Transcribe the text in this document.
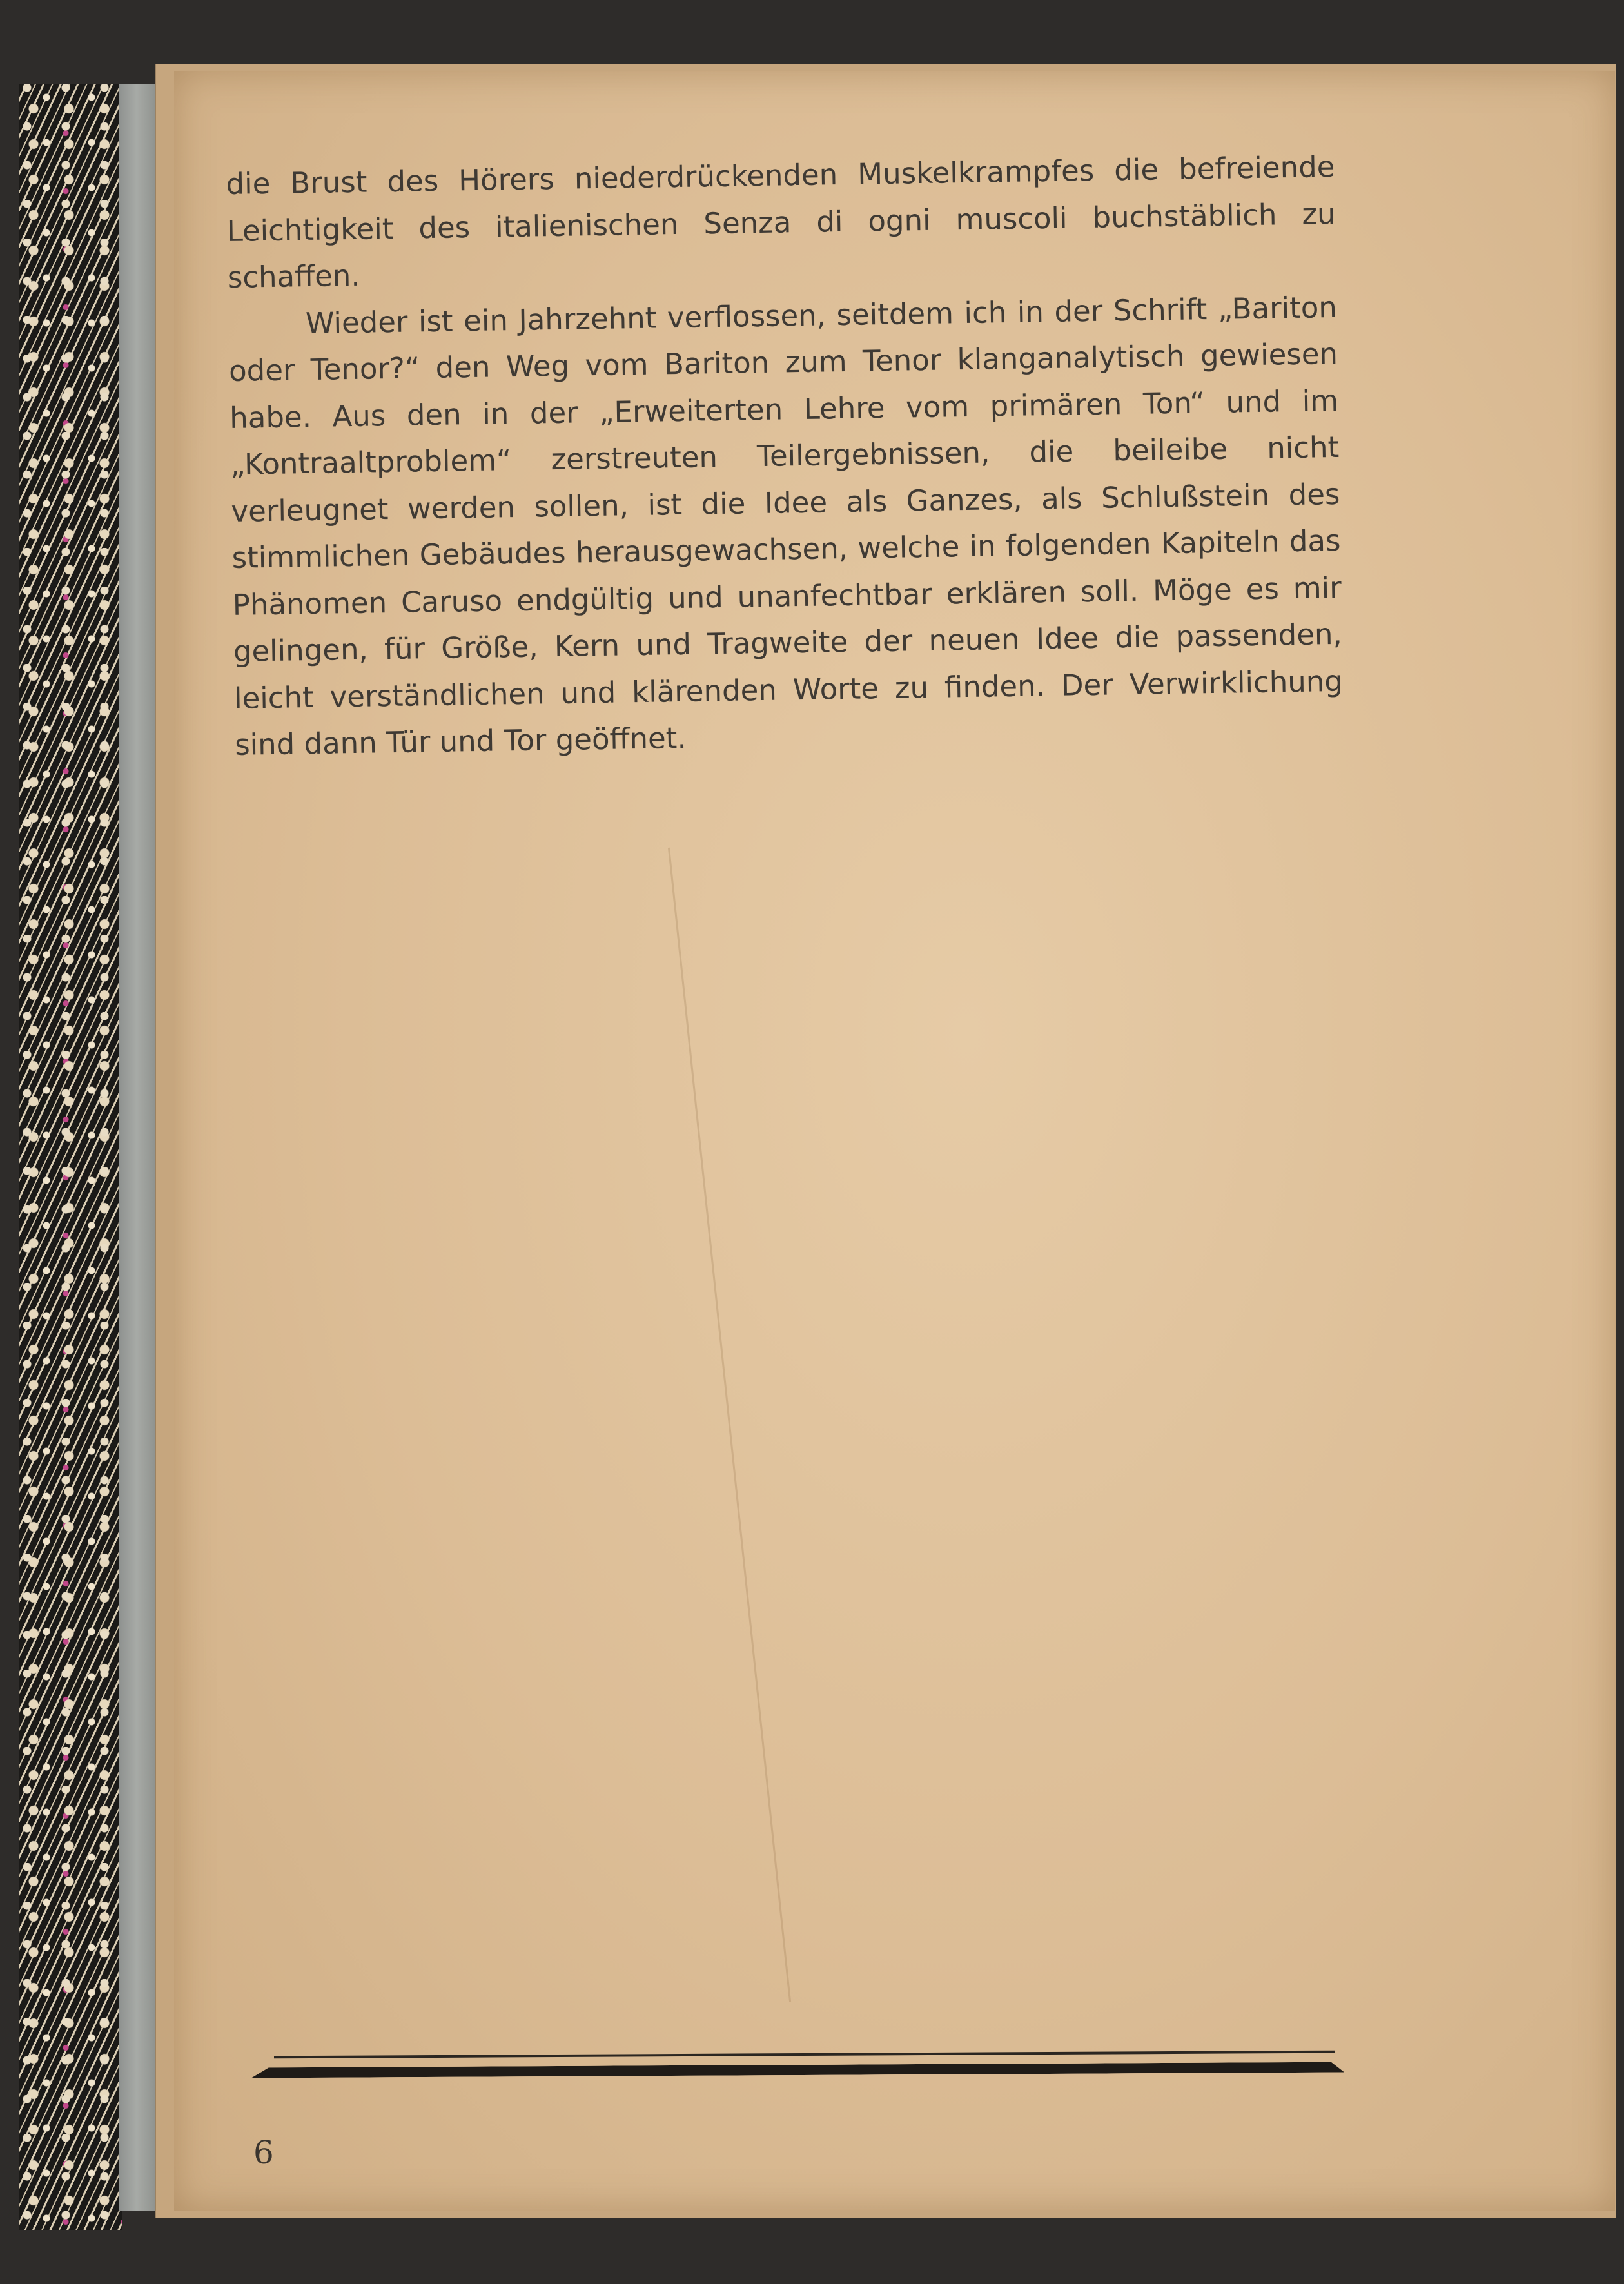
die Brust des Hörers niederdrückenden Muskelkrampfes die befreiende Leichtigkeit des italienischen Senza di ogni muscoli buchstäblich zu schaffen.

Wieder ist ein Jahrzehnt verflossen, seitdem ich in der Schrift „Bariton oder Tenor?“ den Weg vom Bariton zum Tenor klanganalytisch gewiesen habe. Aus den in der „Erweiterten Lehre vom primären Ton“ und im „Kontraaltproblem“ zerstreuten Teilergebnissen, die beileibe nicht verleugnet werden sollen, ist die Idee als Ganzes, als Schlußstein des stimmlichen Gebäudes herausgewachsen, welche in folgenden Kapiteln das Phänomen Caruso endgültig und unanfechtbar erklären soll. Möge es mir gelingen, für Größe, Kern und Tragweite der neuen Idee die passenden, leicht verständlichen und klärenden Worte zu finden. Der Verwirklichung sind dann Tür und Tor geöffnet.

6
